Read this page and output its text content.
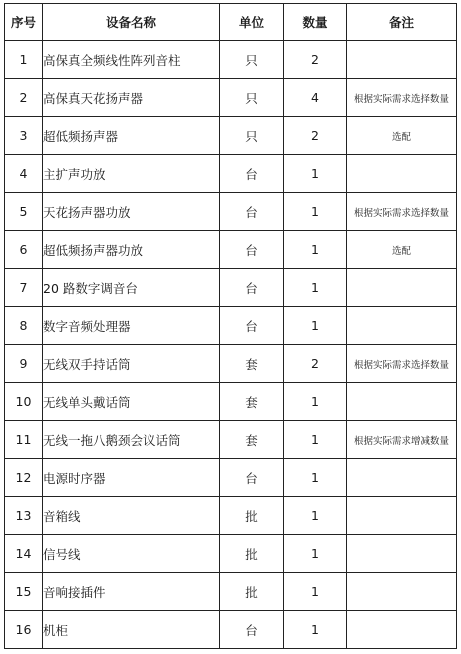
序号	设备名称	单位	数量	备注
1	高保真全频线性阵列音柱	只	2	
2	高保真天花扬声器	只	4	根据实际需求选择数量
3	超低频扬声器	只	2	选配
4	主扩声功放	台	1	
5	天花扬声器功放	台	1	根据实际需求选择数量
6	超低频扬声器功放	台	1	选配
7	20 路数字调音台	台	1	
8	数字音频处理器	台	1	
9	无线双手持话筒	套	2	根据实际需求选择数量
10	无线单头戴话筒	套	1	
11	无线一拖八鹅颈会议话筒	套	1	根据实际需求增减数量
12	电源时序器	台	1	
13	音箱线	批	1	
14	信号线	批	1	
15	音响接插件	批	1	
16	机柜	台	1	
